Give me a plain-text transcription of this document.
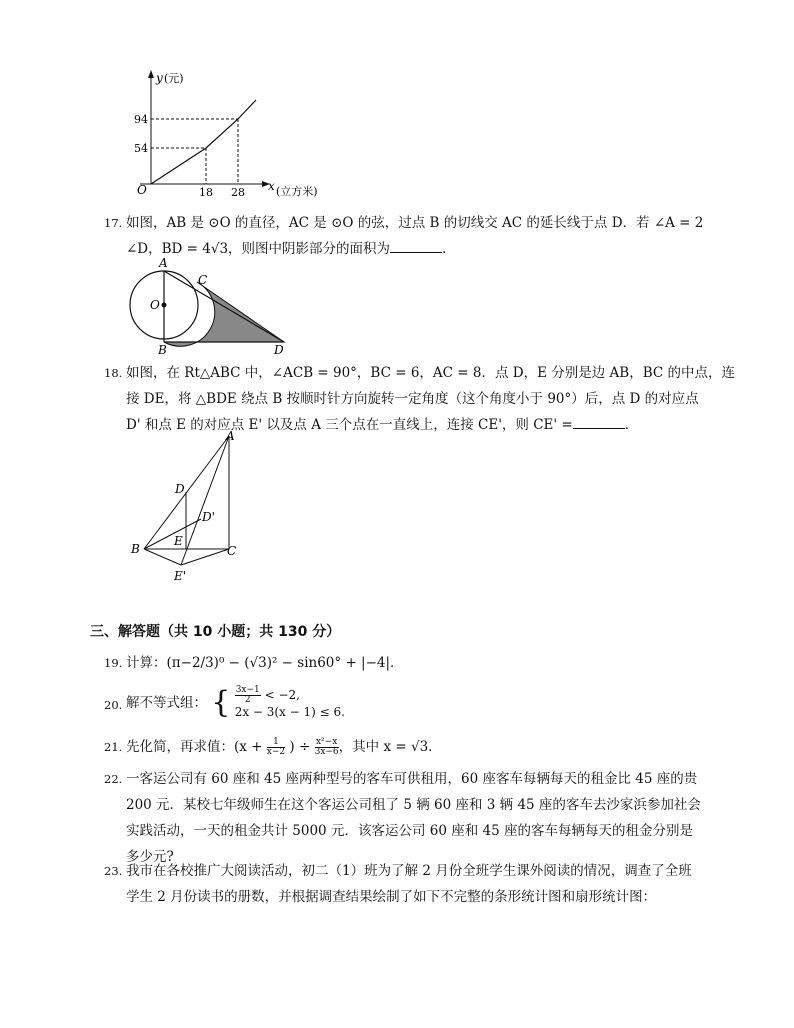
y (元)
94
54
O	18 28 x (立方米)
17. 如图，AB 是 ⊙O 的直径，AC 是 ⊙O 的弦，过点 B 的切线交 AC 的延长线于点 D．若 ∠A = 2
∠D，BD = 4√3，则图中阴影部分的面积为	．
A
C
O
B	D
18. 如图，在 Rt△ABC 中，∠ACB = 90°，BC = 6，AC = 8．点 D，E 分别是边 AB，BC 的中点，连
接 DE，将 △BDE 绕点 B 按顺时针方向旋转一定角度（这个角度小于 90°）后，点 D 的对应点
D' 和点 E 的对应点 E' 以及点 A 三个点在一直线上，连接 CE'，则 CE' =	．
A
D
D'
E
B	C
E'
三、解答题（共 10 小题；共 130 分）
19. 计算：(π−2/3)⁰ − (√3)² − sin60° + |−4|．
20. 解不等式组： { $\frac{3x-1}{2} < -2$,
2x − 3(x − 1) ≤ 6.
21. 先化简，再求值：($x + \frac{1}{x-2}$ ) ÷ $\frac{\text{x²−x}}{3x-6}$ ，其中 x = √3．
22. 一客运公司有 60 座和 45 座两种型号的客车可供租用，60 座客车每辆每天的租金比 45 座的贵
200 元．某校七年级师生在这个客运公司租了 5 辆 60 座和 3 辆 45 座的客车去沙家浜参加社会
实践活动，一天的租金共计 5000 元．该客运公司 60 座和 45 座的客车每辆每天的租金分别是
多少元?
23. 我市在各校推广大阅读活动，初二（1）班为了解 2 月份全班学生课外阅读的情况，调查了全班
学生 2 月份读书的册数，并根据调查结果绘制了如下不完整的条形统计图和扇形统计图：
